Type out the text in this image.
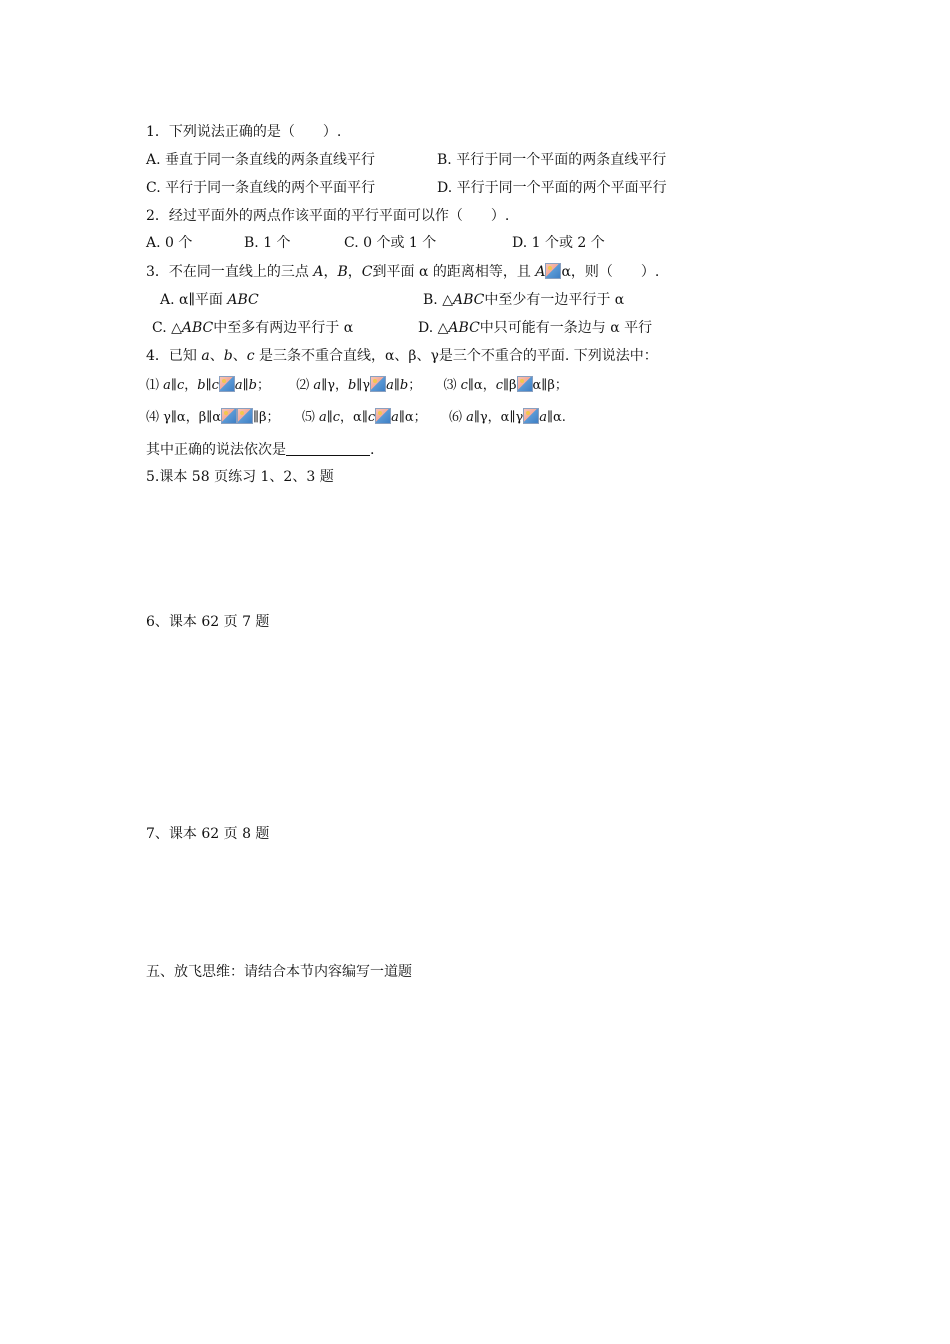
1．下列说法正确的是（　　）.
A. 垂直于同一条直线的两条直线平行	B. 平行于同一个平面的两条直线平行
C. 平行于同一条直线的两个平面平行	D. 平行于同一个平面的两个平面平行
2．经过平面外的两点作该平面的平行平面可以作（　　）.
A. 0 个	B. 1 个	C. 0 个或 1 个	D. 1 个或 2 个
3．不在同一直线上的三点 A，B，C到平面 α 的距离相等，且 A α，则（　　）.
A. α∥平面 ABC	B. △ABC中至少有一边平行于 α
C. △ABC中至多有两边平行于 α	D. △ABC中只可能有一条边与 α 平行
4．已知 a、b、c 是三条不重合直线，α、β、γ是三个不重合的平面. 下列说法中：
⑴ a∥c，b∥c a∥b； ⑵ a∥γ，b∥γ a∥b； ⑶ c∥α，c∥β α∥β；
⑷ γ∥α，β∥α ∥β； ⑸ a∥c，α∥c a∥α； ⑹ a∥γ，α∥γ a∥α.
其中正确的说法依次是	.
5.课本 58 页练习 1、2、3 题
6、课本 62 页 7 题
7、课本 62 页 8 题
五、放飞思维：请结合本节内容编写一道题
